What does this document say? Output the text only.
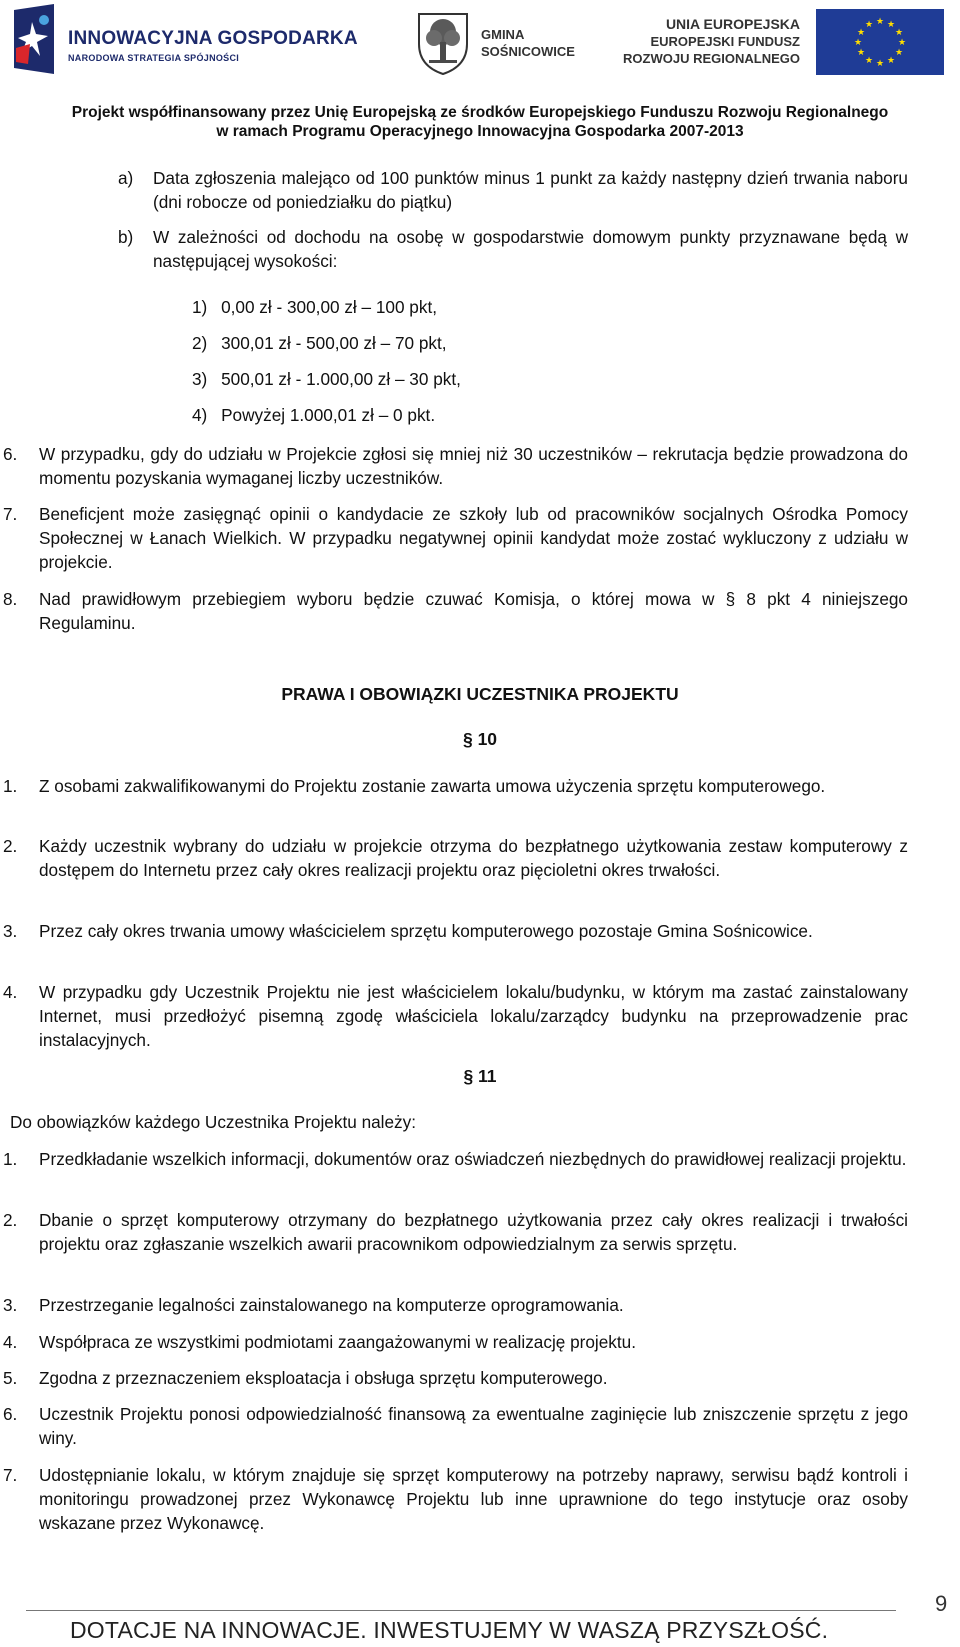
INNOWACYJNA GOSPODARKA
NARODOWA STRATEGIA SPÓJNOŚCI
GMINA
SOŚNICOWICE
UNIA EUROPEJSKA
EUROPEJSKI FUNDUSZ
ROZWOJU REGIONALNEGO
★ ★
★
★
★
★
★
★
★
★
★
★
Projekt współfinansowany przez Unię Europejską ze środków Europejskiego Funduszu Rozwoju Regionalnego
w ramach Programu Operacyjnego Innowacyjna Gospodarka 2007-2013
a) Data zgłoszenia malejąco od 100 punktów minus 1 punkt za każdy następny dzień trwania naboru (dni robocze od poniedziałku do piątku)
b) W zależności od dochodu na osobę w gospodarstwie domowym punkty przyznawane będą w następującej wysokości:
1) 0,00 zł - 300,00 zł – 100 pkt,
2) 300,01 zł - 500,00 zł – 70 pkt,
3) 500,01 zł - 1.000,00 zł – 30 pkt,
4) Powyżej 1.000,01 zł – 0 pkt.
6. W przypadku, gdy do udziału w Projekcie zgłosi się mniej niż 30 uczestników – rekrutacja będzie prowadzona do momentu pozyskania wymaganej liczby uczestników.
7. Beneficjent może zasięgnąć opinii o kandydacie ze szkoły lub od pracowników socjalnych Ośrodka Pomocy Społecznej w Łanach Wielkich. W przypadku negatywnej opinii kandydat może zostać wykluczony z udziału w projekcie.
8. Nad prawidłowym przebiegiem wyboru będzie czuwać Komisja, o której mowa w § 8 pkt 4 niniejszego Regulaminu.
PRAWA I OBOWIĄZKI UCZESTNIKA PROJEKTU
§ 10
1. Z osobami zakwalifikowanymi do Projektu zostanie zawarta umowa użyczenia sprzętu komputerowego.
2. Każdy uczestnik wybrany do udziału w projekcie otrzyma do bezpłatnego użytkowania zestaw komputerowy z dostępem do Internetu przez cały okres realizacji projektu oraz pięcioletni okres trwałości.
3. Przez cały okres trwania umowy właścicielem sprzętu komputerowego pozostaje Gmina Sośnicowice.
4. W przypadku gdy Uczestnik Projektu nie jest właścicielem lokalu/budynku, w którym ma zastać zainstalowany Internet, musi przedłożyć pisemną zgodę właściciela lokalu/zarządcy budynku na przeprowadzenie prac instalacyjnych.
§ 11
Do obowiązków każdego Uczestnika Projektu należy:
1. Przedkładanie wszelkich informacji, dokumentów oraz oświadczeń niezbędnych do prawidłowej realizacji projektu.
2. Dbanie o sprzęt komputerowy otrzymany do bezpłatnego użytkowania przez cały okres realizacji i trwałości projektu oraz zgłaszanie wszelkich awarii pracownikom odpowiedzialnym za serwis sprzętu.
3. Przestrzeganie legalności zainstalowanego na komputerze oprogramowania.
4. Współpraca ze wszystkimi podmiotami zaangażowanymi w realizację projektu.
5. Zgodna z przeznaczeniem eksploatacja i obsługa sprzętu komputerowego.
6. Uczestnik Projektu ponosi odpowiedzialność finansową za ewentualne zaginięcie lub zniszczenie sprzętu z jego winy.
7. Udostępnianie lokalu, w którym znajduje się sprzęt komputerowy na potrzeby naprawy, serwisu bądź kontroli i monitoringu prowadzonej przez Wykonawcę Projektu lub inne uprawnione do tego instytucje oraz osoby wskazane przez Wykonawcę.
9
DOTACJE NA INNOWACJE. INWESTUJEMY W WASZĄ PRZYSZŁOŚĆ.
